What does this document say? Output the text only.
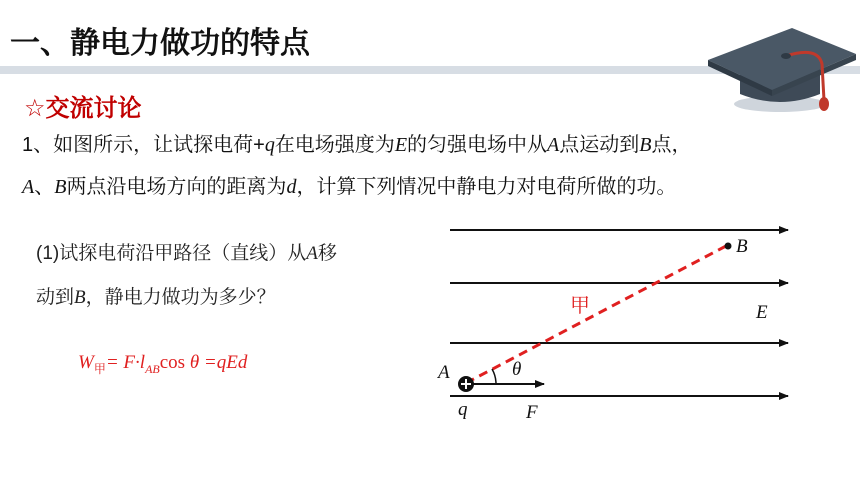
一、静电力做功的特点
☆交流讨论
1、如图所示，让试探电荷+q在电场强度为E的匀强电场中从A点运动到B点，
A、B两点沿电场方向的距离为d，计算下列情况中静电力对电荷所做的功。
(1)试探电荷沿甲路径（直线）从A移
动到B，静电力做功为多少？
$W_甲= F\cdot l_{AB}\cos$ θ =qEd	A
B
E
q	F
θ
甲
